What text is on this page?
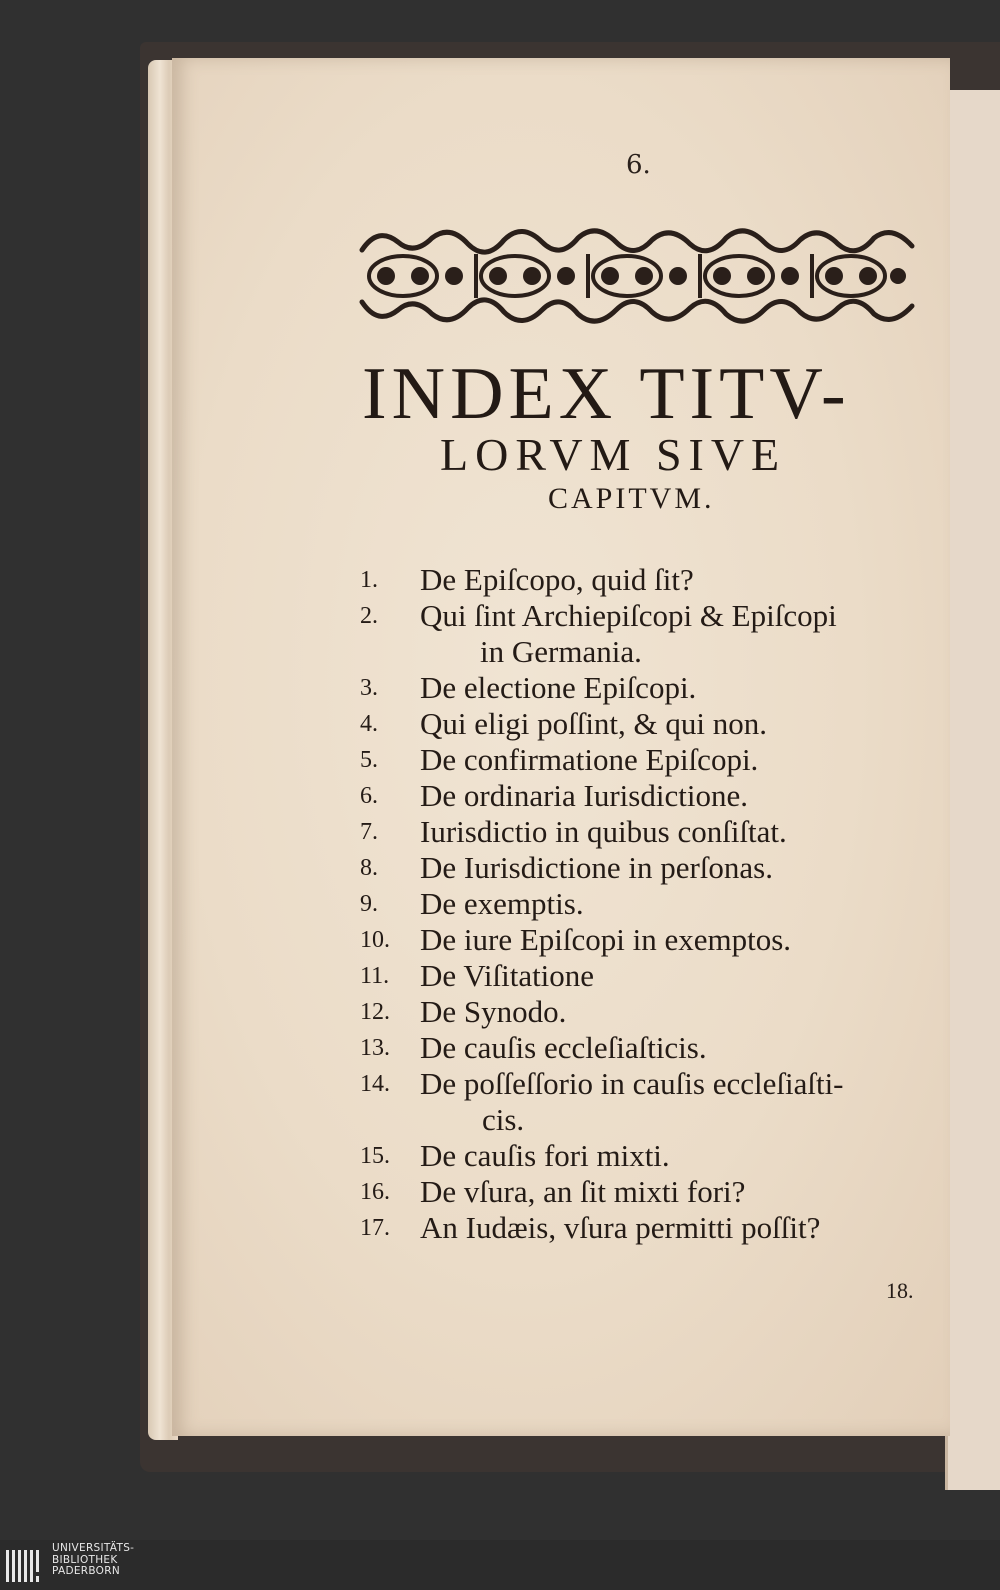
6.
INDEX TITV-
LORVM SIVE
CAPITVM.
1. De Epiſcopo, quid ſit?
2. Qui ſint Archiepiſcopi & Epiſcopi
in Germania.
3. De electione Epiſcopi.
4. Qui eligi poſſint, & qui non.
5. De confirmatione Epiſcopi.
6. De ordinaria Iurisdictione.
7. Iurisdictio in quibus conſiſtat.
8. De Iurisdictione in perſonas.
9. De exemptis.
10. De iure Epiſcopi in exemptos.
11. De Viſitatione
12. De Synodo.
13. De cauſis eccleſiaſticis.
14. De poſſeſſorio in cauſis eccleſiaſti-
cis.
15. De cauſis fori mixti.
16. De vſura, an ſit mixti fori?
17. An Iudæis, vſura permitti poſſit?
18.
UNIVERSITÄTS-
BIBLIOTHEK
PADERBORN
